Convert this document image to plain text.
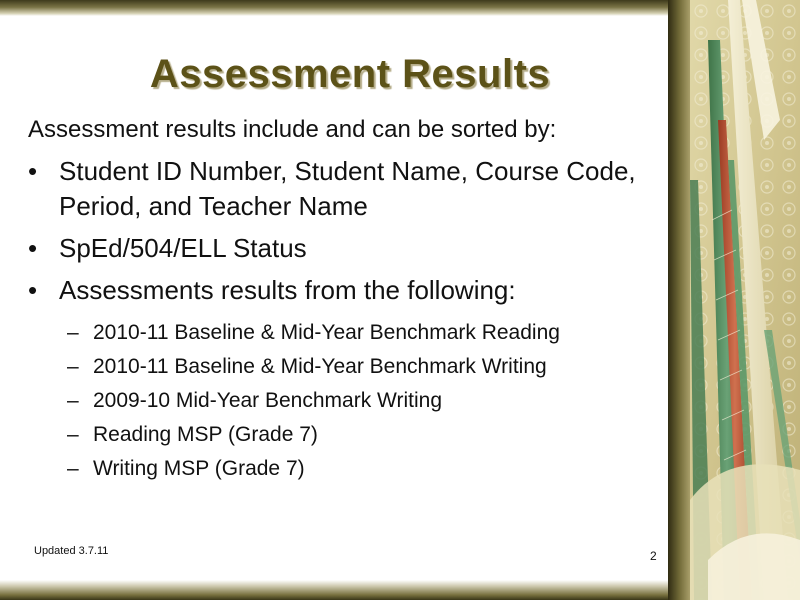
Assessment Results
Assessment results include and can be sorted by:
• Student ID Number, Student Name, Course Code, Period, and Teacher Name
• SpEd/504/ELL Status
• Assessments results from the following:
– 2010-11 Baseline & Mid-Year Benchmark Reading
– 2010-11 Baseline & Mid-Year Benchmark Writing
– 2009-10 Mid-Year Benchmark Writing
– Reading MSP (Grade 7)
– Writing MSP (Grade 7)
Updated 3.7.11	2
